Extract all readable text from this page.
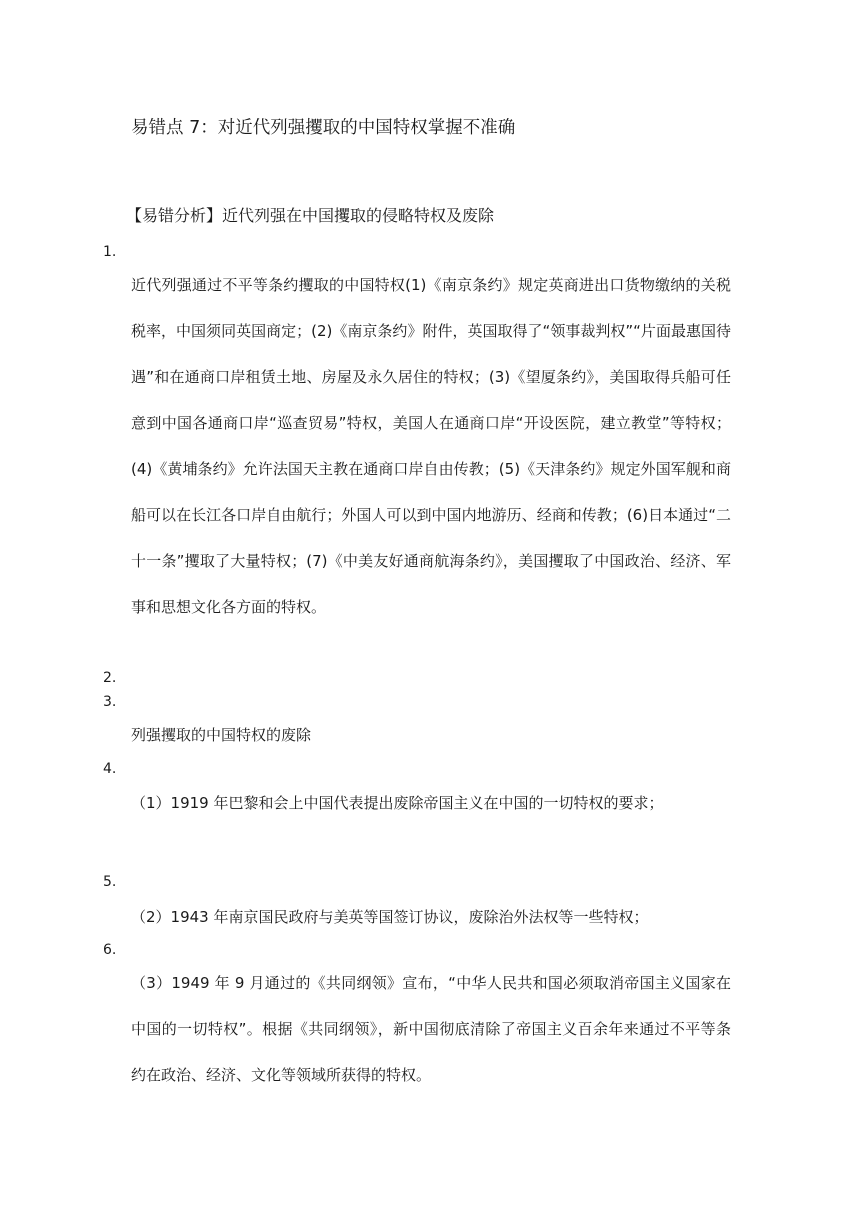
易错点 7：对近代列强攫取的中国特权掌握不准确
【易错分析】近代列强在中国攫取的侵略特权及废除
1.

近代列强通过不平等条约攫取的中国特权(1)《南京条约》规定英商进出口货物缴纳的关税税率，中国须同英国商定；(2)《南京条约》附件，英国取得了“领事裁判权”“片面最惠国待遇”和在通商口岸租赁土地、房屋及永久居住的特权；(3)《望厦条约》，美国取得兵船可任意到中国各通商口岸“巡查贸易”特权，美国人在通商口岸“开设医院，建立教堂”等特权；(4)《黄埔条约》允许法国天主教在通商口岸自由传教；(5)《天津条约》规定外国军舰和商船可以在长江各口岸自由航行；外国人可以到中国内地游历、经商和传教；(6)日本通过“二十一条”攫取了大量特权；(7)《中美友好通商航海条约》，美国攫取了中国政治、经济、军事和思想文化各方面的特权。

2.
3.
列强攫取的中国特权的废除
4.

（1）1919 年巴黎和会上中国代表提出废除帝国主义在中国的一切特权的要求；

5.

（2）1943 年南京国民政府与美英等国签订协议，废除治外法权等一些特权；

6.

（3）1949 年 9 月通过的《共同纲领》宣布，“中华人民共和国必须取消帝国主义国家在中国的一切特权”。根据《共同纲领》，新中国彻底清除了帝国主义百余年来通过不平等条约在政治、经济、文化等领域所获得的特权。
